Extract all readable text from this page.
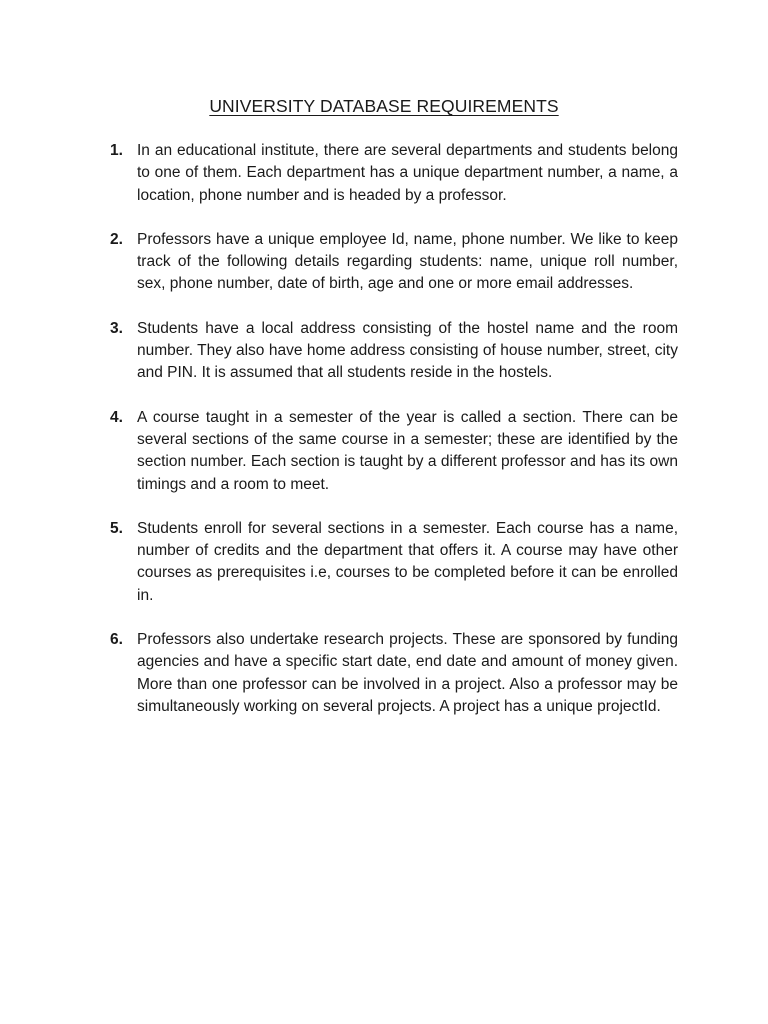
UNIVERSITY DATABASE REQUIREMENTS
1. In an educational institute, there are several departments and students belong to one of them. Each department has a unique department number, a name, a location, phone number and is headed by a professor.
2. Professors have a unique employee Id, name, phone number. We like to keep track of the following details regarding students: name, unique roll number, sex, phone number, date of birth, age and one or more email addresses.
3. Students have a local address consisting of the hostel name and the room number. They also have home address consisting of house number, street, city and PIN. It is assumed that all students reside in the hostels.
4. A course taught in a semester of the year is called a section. There can be several sections of the same course in a semester; these are identified by the section number. Each section is taught by a different professor and has its own timings and a room to meet.
5. Students enroll for several sections in a semester. Each course has a name, number of credits and the department that offers it. A course may have other courses as prerequisites i.e, courses to be completed before it can be enrolled in.
6. Professors also undertake research projects. These are sponsored by funding agencies and have a specific start date, end date and amount of money given. More than one professor can be involved in a project. Also a professor may be simultaneously working on several projects. A project has a unique projectId.
